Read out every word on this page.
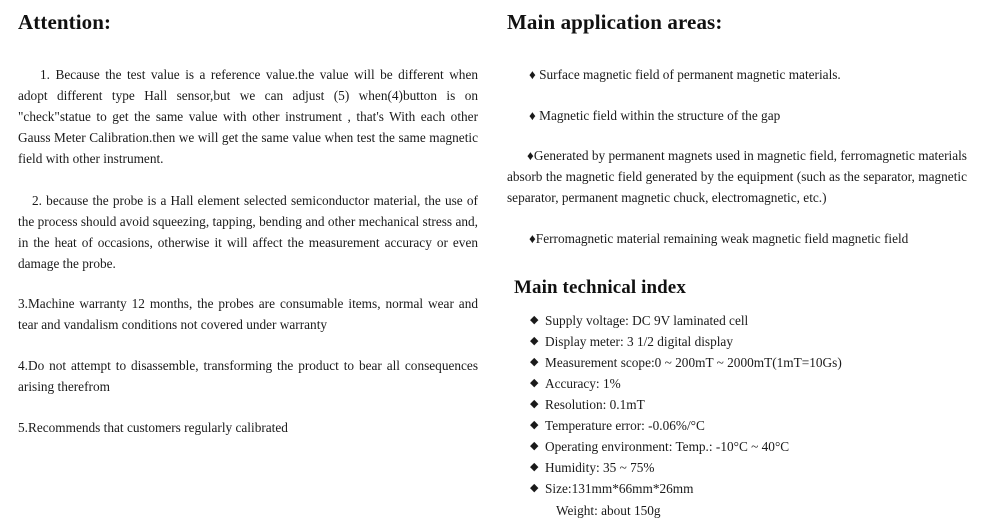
Attention:

1. Because the test value is a reference value.the value will be different when adopt different type Hall sensor,but we can adjust (5) when(4)button is on "check"statue to get the same value with other instrument , that's With each other Gauss Meter Calibration.then we will get the same value when test the same magnetic field with other instrument.

2. because the probe is a Hall element selected semiconductor material, the use of the process should avoid squeezing, tapping, bending and other mechanical stress and, in the heat of occasions, otherwise it will affect the measurement accuracy or even damage the probe.

3.Machine warranty 12 months, the probes are consumable items, normal wear and tear and vandalism conditions not covered under warranty

4.Do not attempt to disassemble, transforming the product to bear all consequences arising therefrom

5.Recommends that customers regularly calibrated

Main application areas:
♦ Surface magnetic field of permanent magnetic materials.
♦ Magnetic field within the structure of the gap
♦Generated by permanent magnets used in magnetic field, ferromagnetic materials absorb the magnetic field generated by the equipment (such as the separator, magnetic separator, permanent magnetic chuck, electromagnetic, etc.)
♦Ferromagnetic material remaining weak magnetic field magnetic field
Main technical index
◆ Supply voltage: DC 9V laminated cell
◆ Display meter: 3 1/2 digital display
◆ Measurement scope:0 ~ 200mT ~ 2000mT(1mT=10Gs)
◆ Accuracy: 1%
◆ Resolution: 0.1mT
◆ Temperature error: -0.06%/°C
◆ Operating environment: Temp.: -10°C ~ 40°C
◆ Humidity: 35 ~ 75%
◆ Size:131mm*66mm*26mm
Weight: about 150g
